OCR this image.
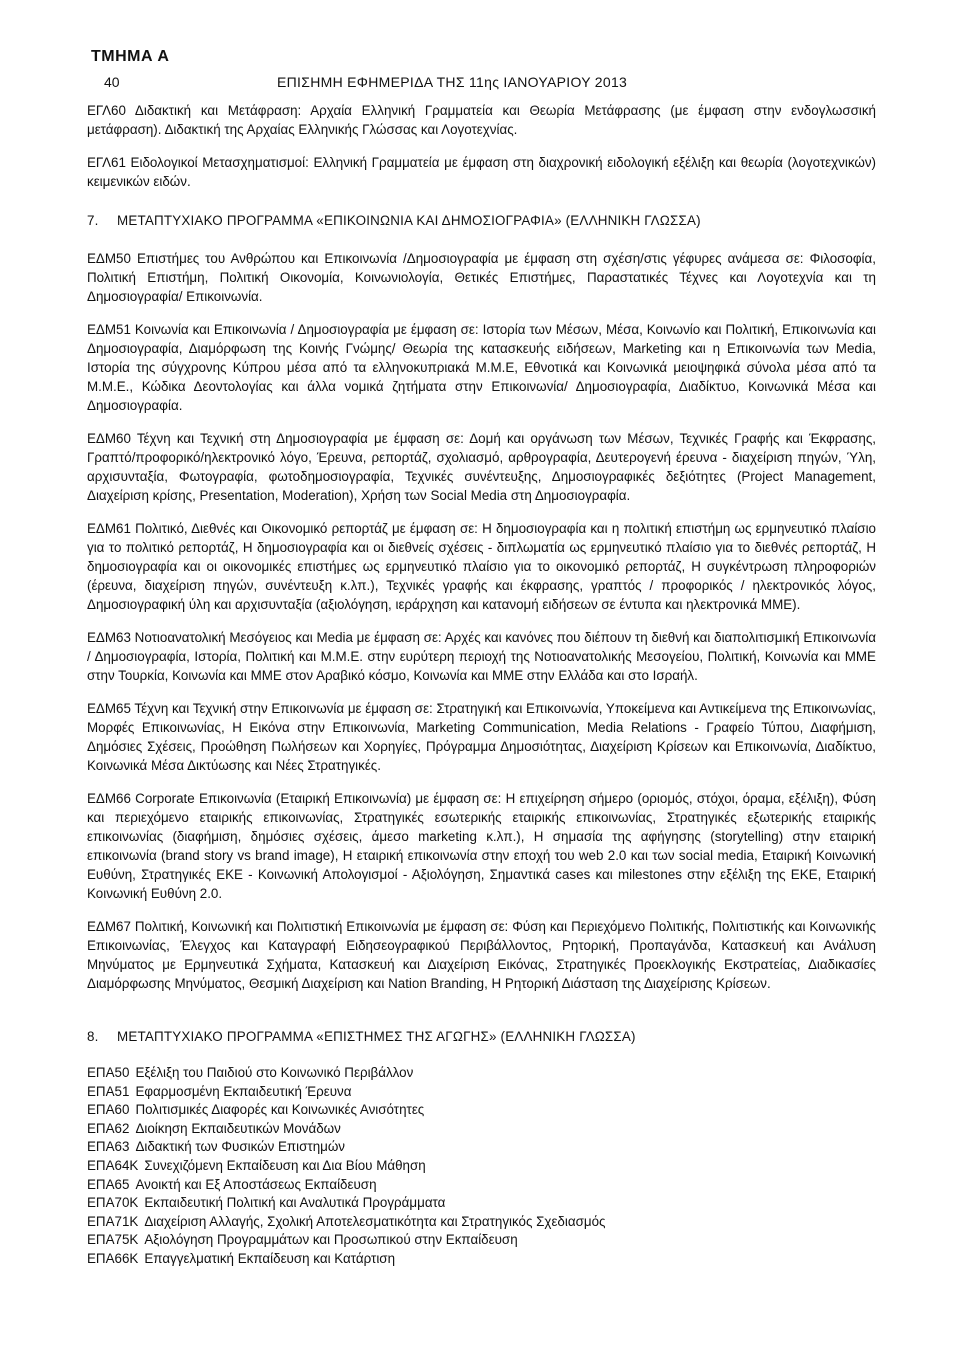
ΤΜΗΜΑ Α
40	ΕΠΙΣΗΜΗ ΕΦΗΜΕΡΙΔΑ ΤΗΣ 11ης ΙΑΝΟΥΑΡΙΟΥ 2013

ΕΓΛ60 Διδακτική και Μετάφραση: Αρχαία Ελληνική Γραμματεία και Θεωρία Μετάφρασης (με έμφαση στην ενδογλωσσική μετάφραση). Διδακτική της Αρχαίας Ελληνικής Γλώσσας και Λογοτεχνίας.

ΕΓΛ61 Ειδολογικοί Μετασχηματισμοί: Ελληνική Γραμματεία με έμφαση στη διαχρονική ειδολογική εξέλιξη και θεωρία (λογοτεχνικών) κειμενικών ειδών.

7. ΜΕΤΑΠΤΥΧΙΑΚΟ ΠΡΟΓΡΑΜΜΑ «ΕΠΙΚΟΙΝΩΝΙΑ ΚΑΙ ΔΗΜΟΣΙΟΓΡΑΦΙΑ» (ΕΛΛΗΝΙΚΗ ΓΛΩΣΣΑ)

ΕΔΜ50 Επιστήμες του Ανθρώπου και Επικοινωνία /Δημοσιογραφία με έμφαση στη σχέση/στις γέφυρες ανάμεσα σε: Φιλοσοφία, Πολιτική Επιστήμη, Πολιτική Οικονομία, Κοινωνιολογία, Θετικές Επιστήμες, Παραστατικές Τέχνες και Λογοτεχνία και τη Δημοσιογραφία/ Επικοινωνία.

ΕΔΜ51 Κοινωνία και Επικοινωνία / Δημοσιογραφία με έμφαση σε: Ιστορία των Μέσων, Μέσα, Κοινωνίο και Πολιτική, Επικοινωνία και Δημοσιογραφία, Διαμόρφωση της Κοινής Γνώμης/ Θεωρία της κατασκευής ειδήσεων, Marketing και η Επικοινωνία των Media, Ιστορία της σύγχρονης Κύπρου μέσα από τα ελληνοκυπριακά Μ.Μ.Ε, Εθνοτικά και Κοινωνικά μειοψηφικά σύνολα μέσα από τα Μ.Μ.Ε., Κώδικα Δεοντολογίας και άλλα νομικά ζητήματα στην Επικοινωνία/ Δημοσιογραφία, Διαδίκτυο, Κοινωνικά Μέσα και Δημοσιογραφία.

ΕΔΜ60 Τέχνη και Τεχνική στη Δημοσιογραφία με έμφαση σε: Δομή και οργάνωση των Μέσων, Τεχνικές Γραφής και Έκφρασης, Γραπτό/προφορικό/ηλεκτρονικό λόγο, Έρευνα, ρεπορτάζ, σχολιασμό, αρθρογραφία, Δευτερογενή έρευνα - διαχείριση πηγών, Ύλη, αρχισυνταξία, Φωτογραφία, φωτοδημοσιογραφία, Τεχνικές συνέντευξης, Δημοσιογραφικές δεξιότητες (Project Management, Διαχείριση κρίσης, Presentation, Moderation), Χρήση των Social Media στη Δημοσιογραφία.

ΕΔΜ61 Πολιτικό, Διεθνές και Οικονομικό ρεπορτάζ με έμφαση σε: Η δημοσιογραφία και η πολιτική επιστήμη ως ερμηνευτικό πλαίσιο για το πολιτικό ρεπορτάζ, Η δημοσιογραφία και οι διεθνείς σχέσεις - διπλωματία ως ερμηνευτικό πλαίσιο για το διεθνές ρεπορτάζ, Η δημοσιογραφία και οι οικονομικές επιστήμες ως ερμηνευτικό πλαίσιο για το οικονομικό ρεπορτάζ, Η συγκέντρωση πληροφοριών (έρευνα, διαχείριση πηγών, συνέντευξη κ.λπ.), Τεχνικές γραφής και έκφρασης, γραπτός / προφορικός / ηλεκτρονικός λόγος, Δημοσιογραφική ύλη και αρχισυνταξία (αξιολόγηση, ιεράρχηση και κατανομή ειδήσεων σε έντυπα και ηλεκτρονικά ΜΜΕ).

ΕΔΜ63 Νοτιοανατολική Μεσόγειος και Media με έμφαση σε: Αρχές και κανόνες που διέπουν τη διεθνή και διαπολιτισμική Επικοινωνία / Δημοσιογραφία, Ιστορία, Πολιτική και Μ.Μ.Ε. στην ευρύτερη περιοχή της Νοτιοανατολικής Μεσογείου, Πολιτική, Κοινωνία και ΜΜΕ στην Τουρκία, Κοινωνία και ΜΜΕ στον Αραβικό κόσμο, Κοινωνία και ΜΜΕ στην Ελλάδα και στο Ισραήλ.

ΕΔΜ65 Τέχνη και Τεχνική στην Επικοινωνία με έμφαση σε: Στρατηγική και Επικοινωνία, Υποκείμενα και Αντικείμενα της Επικοινωνίας, Μορφές Επικοινωνίας, Η Εικόνα στην Επικοινωνία, Marketing Communication, Media Relations - Γραφείο Τύπου, Διαφήμιση, Δημόσιες Σχέσεις, Προώθηση Πωλήσεων και Χορηγίες, Πρόγραμμα Δημοσιότητας, Διαχείριση Κρίσεων και Επικοινωνία, Διαδίκτυο, Κοινωνικά Μέσα Δικτύωσης και Νέες Στρατηγικές.

ΕΔΜ66 Corporate Επικοινωνία (Εταιρική Επικοινωνία) με έμφαση σε: Η επιχείρηση σήμερο (οριομός, στόχοι, όραμα, εξέλιξη), Φύση και περιεχόμενο εταιρικής επικοινωνίας, Στρατηγικές εσωτερικής εταιρικής επικοινωνίας, Στρατηγικές εξωτερικής εταιρικής επικοινωνίας (διαφήμιση, δημόσιες σχέσεις, άμεσο marketing κ.λπ.), Η σημασία της αφήγησης (storytelling) στην εταιρική επικοινωνία (brand story vs brand image), Η εταιρική επικοινωνία στην εποχή του web 2.0 και των social media, Εταιρική Κοινωνική Ευθύνη, Στρατηγικές ΕΚΕ - Κοινωνική Απολογισμοί - Αξιολόγηση, Σημαντικά cases και milestones στην εξέλιξη της ΕΚΕ, Εταιρική Κοινωνική Ευθύνη 2.0.

ΕΔΜ67 Πολιτική, Κοινωνική και Πολιτιστική Επικοινωνία με έμφαση σε: Φύση και Περιεχόμενο Πολιτικής, Πολιτιστικής και Κοινωνικής Επικοινωνίας, Έλεγχος και Καταγραφή Ειδησεογραφικού Περιβάλλοντος, Ρητορική, Προπαγάνδα, Κατασκευή και Ανάλυση Μηνύματος με Ερμηνευτικά Σχήματα, Κατασκευή και Διαχείριση Εικόνας, Στρατηγικές Προεκλογικής Εκστρατείας, Διαδικασίες Διαμόρφωσης Μηνύματος, Θεσμική Διαχείριση και Nation Branding, Η Ρητορική Διάσταση της Διαχείρισης Κρίσεων.

8. ΜΕΤΑΠΤΥΧΙΑΚΟ ΠΡΟΓΡΑΜΜΑ «ΕΠΙΣΤΗΜΕΣ ΤΗΣ ΑΓΩΓΗΣ» (ΕΛΛΗΝΙΚΗ ΓΛΩΣΣΑ)
ΕΠΑ50 Εξέλιξη του Παιδιού στο Κοινωνικό Περιβάλλον
ΕΠΑ51 Εφαρμοσμένη Εκπαιδευτική Έρευνα
ΕΠΑ60 Πολιτισμικές Διαφορές και Κοινωνικές Ανισότητες
ΕΠΑ62 Διοίκηση Εκπαιδευτικών Μονάδων
ΕΠΑ63 Διδακτική των Φυσικών Επιστημών
ΕΠΑ64Κ Συνεχιζόμενη Εκπαίδευση και Δια Βίου Μάθηση
ΕΠΑ65 Ανοικτή και Εξ Αποστάσεως Εκπαίδευση
ΕΠΑ70Κ Εκπαιδευτική Πολιτική και Αναλυτικά Προγράμματα
ΕΠΑ71Κ Διαχείριση Αλλαγής, Σχολική Αποτελεσματικότητα και Στρατηγικός Σχεδιασμός
ΕΠΑ75Κ Αξιολόγηση Προγραμμάτων και Προσωπικού στην Εκπαίδευση
ΕΠΑ66Κ Επαγγελματική Εκπαίδευση και Κατάρτιση
